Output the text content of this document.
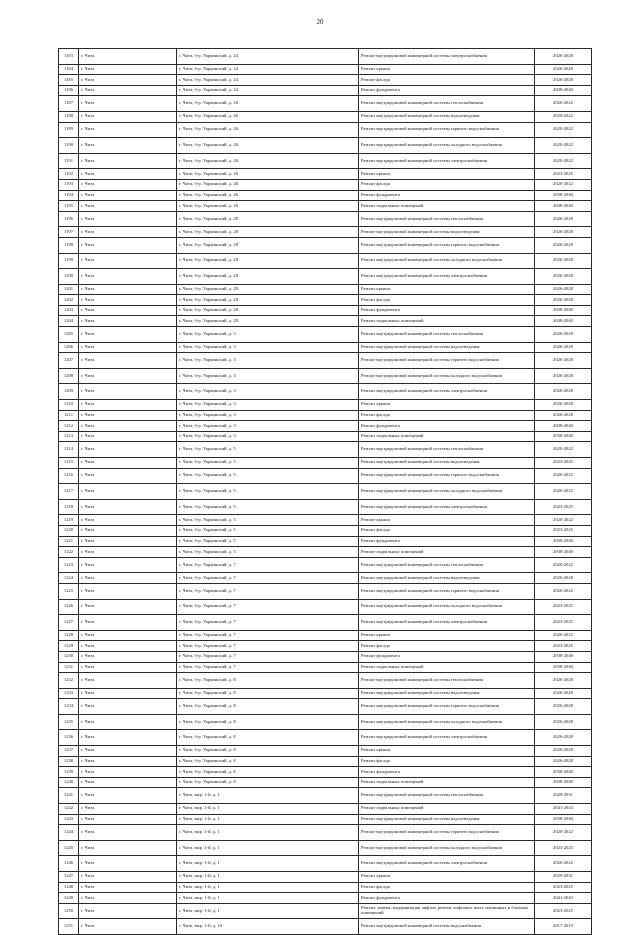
20
1183	г. Чита	г. Чита, б-р. Украинский, д. 24	Ремонт внутридомовой инженерной системы электроснабжения	2026-2028
1184	г. Чита	г. Чита, б-р. Украинский, д. 24	Ремонт крыши	2026-2028
1185	г. Чита	г. Чита, б-р. Украинский, д. 24	Ремонт фасада	2026-2028
1186	г. Чита	г. Чита, б-р. Украинский, д. 24	Ремонт фундамента	2038-2040
1187	г. Чита	г. Чита, б-р. Украинский, д. 26	Ремонт внутридомовой инженерной системы теплоснабжения	2020-2022
1188	г. Чита	г. Чита, б-р. Украинский, д. 26	Ремонт внутридомовой инженерной системы водоотведения	2020-2022
1189	г. Чита	г. Чита, б-р. Украинский, д. 26	Ремонт внутридомовой инженерной системы горячего водоснабжения	2020-2022
1190	г. Чита	г. Чита, б-р. Украинский, д. 26	Ремонт внутридомовой инженерной системы холодного водоснабжения	2020-2022
1191	г. Чита	г. Чита, б-р. Украинский, д. 26	Ремонт внутридомовой инженерной системы электроснабжения	2020-2022
1192	г. Чита	г. Чита, б-р. Украинский, д. 26	Ремонт крыши	2023-2025
1193	г. Чита	г. Чита, б-р. Украинский, д. 26	Ремонт фасада	2020-2022
1194	г. Чита	г. Чита, б-р. Украинский, д. 26	Ремонт фундамента	2038-2040
1195	г. Чита	г. Чита, б-р. Украинский, д. 26	Ремонт подвальных помещений	2038-2040
1196	г. Чита	г. Чита, б-р. Украинский, д. 28	Ремонт внутридомовой инженерной системы теплоснабжения	2026-2028
1197	г. Чита	г. Чита, б-р. Украинский, д. 28	Ремонт внутридомовой инженерной системы водоотведения	2026-2028
1198	г. Чита	г. Чита, б-р. Украинский, д. 28	Ремонт внутридомовой инженерной системы горячего водоснабжения	2026-2028
1199	г. Чита	г. Чита, б-р. Украинский, д. 28	Ремонт внутридомовой инженерной системы холодного водоснабжения	2026-2028
1200	г. Чита	г. Чита, б-р. Украинский, д. 28	Ремонт внутридомовой инженерной системы электроснабжения	2026-2028
1201	г. Чита	г. Чита, б-р. Украинский, д. 28	Ремонт крыши	2026-2028
1202	г. Чита	г. Чита, б-р. Украинский, д. 28	Ремонт фасада	2026-2028
1203	г. Чита	г. Чита, б-р. Украинский, д. 28	Ремонт фундамента	2038-2040
1204	г. Чита	г. Чита, б-р. Украинский, д. 28	Ремонт подвальных помещений	2038-2040
1205	г. Чита	г. Чита, б-р. Украинский, д. 3	Ремонт внутридомовой инженерной системы теплоснабжения	2026-2028
1206	г. Чита	г. Чита, б-р. Украинский, д. 3	Ремонт внутридомовой инженерной системы водоотведения	2026-2028
1207	г. Чита	г. Чита, б-р. Украинский, д. 3	Ремонт внутридомовой инженерной системы горячего водоснабжения	2026-2028
1208	г. Чита	г. Чита, б-р. Украинский, д. 3	Ремонт внутридомовой инженерной системы холодного водоснабжения	2026-2028
1209	г. Чита	г. Чита, б-р. Украинский, д. 3	Ремонт внутридомовой инженерной системы электроснабжения	2026-2028
1210	г. Чита	г. Чита, б-р. Украинский, д. 3	Ремонт крыши	2026-2028
1211	г. Чита	г. Чита, б-р. Украинский, д. 3	Ремонт фасада	2026-2028
1212	г. Чита	г. Чита, б-р. Украинский, д. 3	Ремонт фундамента	2038-2040
1213	г. Чита	г. Чита, б-р. Украинский, д. 3	Ремонт подвальных помещений	2038-2040
1214	г. Чита	г. Чита, б-р. Украинский, д. 5	Ремонт внутридомовой инженерной системы теплоснабжения	2020-2022
1215	г. Чита	г. Чита, б-р. Украинский, д. 5	Ремонт внутридомовой инженерной системы водоотведения	2023-2025
1216	г. Чита	г. Чита, б-р. Украинский, д. 5	Ремонт внутридомовой инженерной системы горячего водоснабжения	2020-2022
1217	г. Чита	г. Чита, б-р. Украинский, д. 5	Ремонт внутридомовой инженерной системы холодного водоснабжения	2020-2022
1218	г. Чита	г. Чита, б-р. Украинский, д. 5	Ремонт внутридомовой инженерной системы электроснабжения	2023-2025
1219	г. Чита	г. Чита, б-р. Украинский, д. 5	Ремонт крыши	2020-2022
1220	г. Чита	г. Чита, б-р. Украинский, д. 5	Ремонт фасада	2023-2025
1221	г. Чита	г. Чита, б-р. Украинский, д. 5	Ремонт фундамента	2038-2040
1222	г. Чита	г. Чита, б-р. Украинский, д. 5	Ремонт подвальных помещений	2038-2040
1223	г. Чита	г. Чита, б-р. Украинский, д. 7	Ремонт внутридомовой инженерной системы теплоснабжения	2020-2022
1224	г. Чита	г. Чита, б-р. Украинский, д. 7	Ремонт внутридомовой инженерной системы водоотведения	2026-2028
1225	г. Чита	г. Чита, б-р. Украинский, д. 7	Ремонт внутридомовой инженерной системы горячего водоснабжения	2020-2022
1226	г. Чита	г. Чита, б-р. Украинский, д. 7	Ремонт внутридомовой инженерной системы холодного водоснабжения	2023-2025
1227	г. Чита	г. Чита, б-р. Украинский, д. 7	Ремонт внутридомовой инженерной системы электроснабжения	2023-2025
1228	г. Чита	г. Чита, б-р. Украинский, д. 7	Ремонт крыши	2020-2022
1229	г. Чита	г. Чита, б-р. Украинский, д. 7	Ремонт фасада	2023-2025
1230	г. Чита	г. Чита, б-р. Украинский, д. 7	Ремонт фундамента	2038-2040
1231	г. Чита	г. Чита, б-р. Украинский, д. 7	Ремонт подвальных помещений	2038-2040
1232	г. Чита	г. Чита, б-р. Украинский, д. 8	Ремонт внутридомовой инженерной системы теплоснабжения	2026-2028
1233	г. Чита	г. Чита, б-р. Украинский, д. 8	Ремонт внутридомовой инженерной системы водоотведения	2026-2028
1234	г. Чита	г. Чита, б-р. Украинский, д. 8	Ремонт внутридомовой инженерной системы горячего водоснабжения	2026-2028
1235	г. Чита	г. Чита, б-р. Украинский, д. 8	Ремонт внутридомовой инженерной системы холодного водоснабжения	2026-2028
1236	г. Чита	г. Чита, б-р. Украинский, д. 8	Ремонт внутридомовой инженерной системы электроснабжения	2026-2028
1237	г. Чита	г. Чита, б-р. Украинский, д. 8	Ремонт крыши	2026-2028
1238	г. Чита	г. Чита, б-р. Украинский, д. 8	Ремонт фасада	2026-2028
1239	г. Чита	г. Чита, б-р. Украинский, д. 8	Ремонт фундамента	2038-2040
1240	г. Чита	г. Чита, б-р. Украинский, д. 8	Ремонт подвальных помещений	2038-2040
1241	г. Чита	г. Чита, мкр. 1-й, д. 1	Ремонт внутридомовой инженерной системы теплоснабжения	2029-2031
1242	г. Чита	г. Чита, мкр. 1-й, д. 1	Ремонт подвальных помещений	2041-2043
1243	г. Чита	г. Чита, мкр. 1-й, д. 1	Ремонт внутридомовой инженерной системы водоотведения	2038-2040
1244	г. Чита	г. Чита, мкр. 1-й, д. 1	Ремонт внутридомовой инженерной системы горячего водоснабжения	2020-2022
1245	г. Чита	г. Чита, мкр. 1-й, д. 1	Ремонт внутридомовой инженерной системы холодного водоснабжения	2023-2025
1246	г. Чита	г. Чита, мкр. 1-й, д. 1	Ремонт внутридомовой инженерной системы электроснабжения	2020-2022
1247	г. Чита	г. Чита, мкр. 1-й, д. 1	Ремонт крыши	2029-2031
1248	г. Чита	г. Чита, мкр. 1-й, д. 1	Ремонт фасада	2023-2025
1249	г. Чита	г. Чита, мкр. 1-й, д. 1	Ремонт фундамента	2041-2043
1250	г. Чита	г. Чита, мкр. 1-й, д. 1	Ремонт, замена, модернизация лифтов, ремонт лифтовых шахт, машинных и блочных помещений	2023-2025
1251	г. Чита	г. Чита, мкр. 1-й, д. 10	Ремонт внутридомовой инженерной системы водоснабжения	2017-2019
